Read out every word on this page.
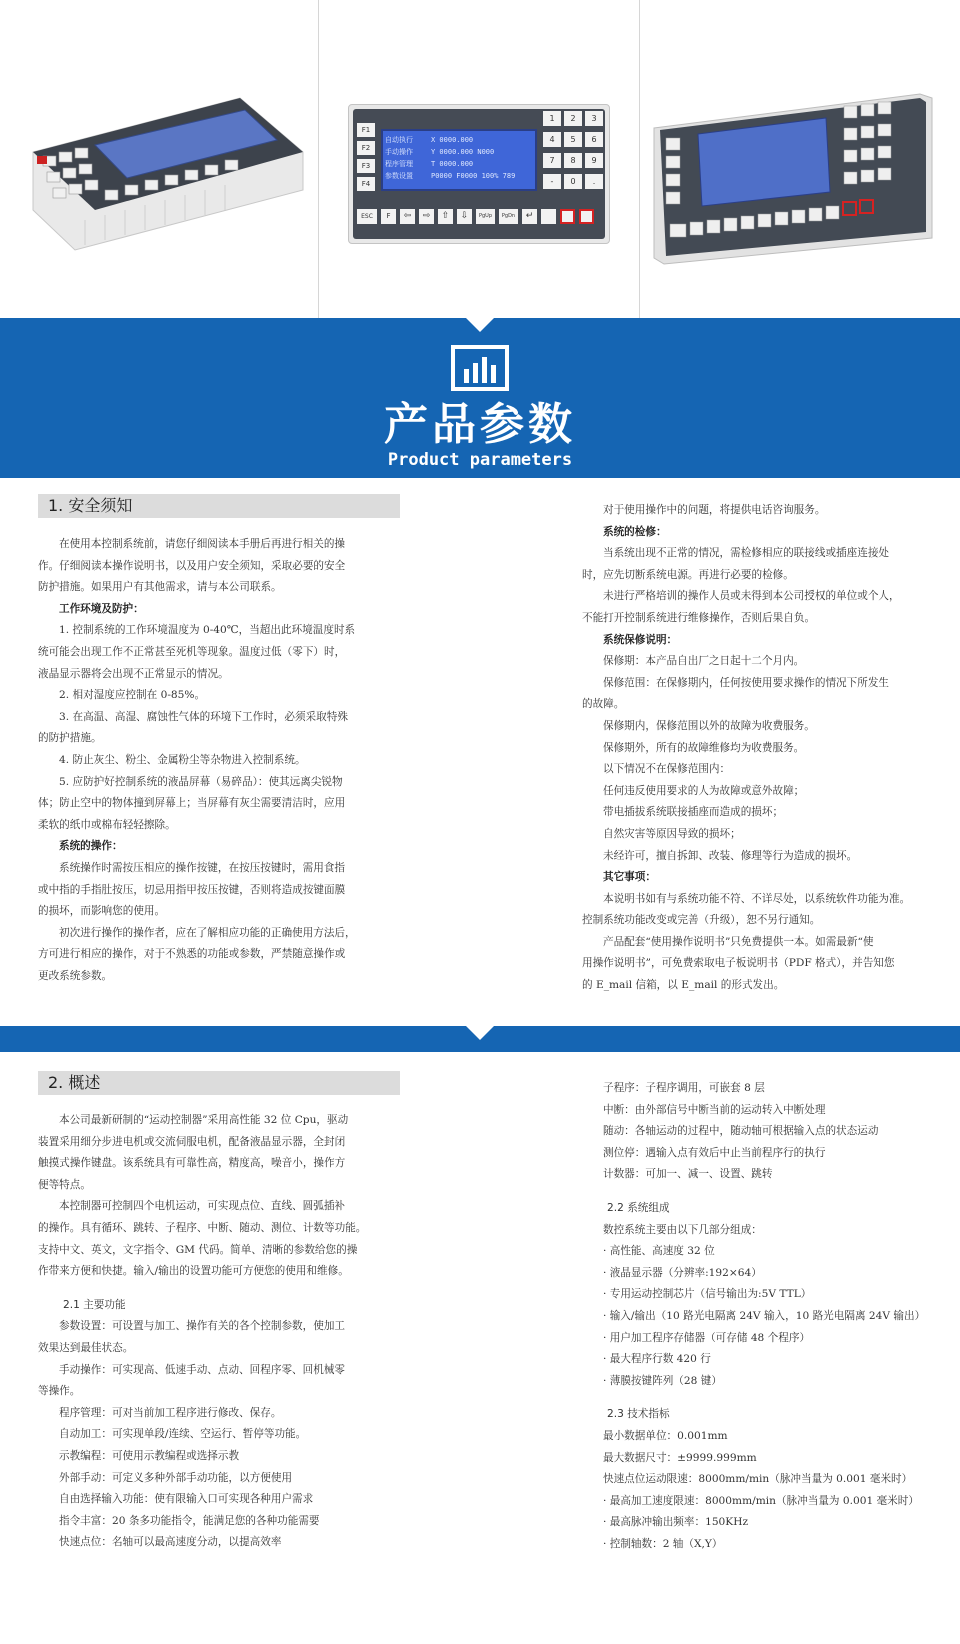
F1
F2
F3
F4
自动执行
手动操作
程序管理
参数设置
X 0000.000
Y 0000.000 N000
T 0000.000
P0000 F0000 100% 789
1	2	3
4	5	6
7	8	9
-	0	.
ESC	F	⇦	⇨	⇧	⇩	PgUp	PgDn	↵
产品参数
Product parameters
1. 安全须知

在使用本控制系统前，请您仔细阅读本手册后再进行相关的操

作。仔细阅读本操作说明书，以及用户安全须知，采取必要的安全

防护措施。如果用户有其他需求，请与本公司联系。

工作环境及防护：

1. 控制系统的工作环境温度为 0-40℃，当超出此环境温度时系

统可能会出现工作不正常甚至死机等现象。温度过低（零下）时，

液晶显示器将会出现不正常显示的情况。

2. 相对湿度应控制在 0-85%。

3. 在高温、高湿、腐蚀性气体的环境下工作时，必须采取特殊

的防护措施。

4. 防止灰尘、粉尘、金属粉尘等杂物进入控制系统。

5. 应防护好控制系统的液晶屏幕（易碎品）：使其远离尖锐物

体；防止空中的物体撞到屏幕上；当屏幕有灰尘需要清洁时，应用

柔软的纸巾或棉布轻轻擦除。

系统的操作：

系统操作时需按压相应的操作按键，在按压按键时，需用食指

或中指的手指肚按压，切忌用指甲按压按键，否则将造成按键面膜

的损坏，而影响您的使用。

初次进行操作的操作者，应在了解相应功能的正确使用方法后，

方可进行相应的操作，对于不熟悉的功能或参数，严禁随意操作或

更改系统参数。

对于使用操作中的问题，将提供电话咨询服务。

系统的检修：

当系统出现不正常的情况，需检修相应的联接线或插座连接处

时，应先切断系统电源。再进行必要的检修。

未进行严格培训的操作人员或未得到本公司授权的单位或个人，

不能打开控制系统进行维修操作，否则后果自负。

系统保修说明：

保修期：本产品自出厂之日起十二个月内。

保修范围：在保修期内，任何按使用要求操作的情况下所发生

的故障。

保修期内，保修范围以外的故障为收费服务。

保修期外，所有的故障维修均为收费服务。

以下情况不在保修范围内：

任何违反使用要求的人为故障或意外故障；

带电插拔系统联接插座而造成的损坏；

自然灾害等原因导致的损坏；

未经许可，擅自拆卸、改装、修理等行为造成的损坏。

其它事项：

本说明书如有与系统功能不符、不详尽处，以系统软件功能为准。

控制系统功能改变或完善（升级），恕不另行通知。

产品配套“使用操作说明书”只免费提供一本。如需最新“使

用操作说明书”，可免费索取电子板说明书（PDF 格式），并告知您

的 E_mail 信箱，以 E_mail 的形式发出。

2. 概述

本公司最新研制的“运动控制器”采用高性能 32 位 Cpu，驱动

装置采用细分步进电机或交流伺服电机，配备液晶显示器，全封闭

触摸式操作键盘。该系统具有可靠性高，精度高，噪音小，操作方

便等特点。

本控制器可控制四个电机运动，可实现点位、直线、圆弧插补

的操作。具有循环、跳转、子程序、中断、随动、测位、计数等功能。

支持中文、英文，文字指令、GM 代码。简单、清晰的参数给您的操

作带来方便和快捷。输入/输出的设置功能可方便您的使用和维修。

2.1 主要功能

参数设置：可设置与加工、操作有关的各个控制参数，使加工

效果达到最佳状态。

手动操作：可实现高、低速手动、点动、回程序零、回机械零

等操作。

程序管理：可对当前加工程序进行修改、保存。

自动加工：可实现单段/连续、空运行、暂停等功能。

示教编程：可使用示教编程或选择示教

外部手动：可定义多种外部手动功能，以方便使用

自由选择输入功能：使有限输入口可实现各种用户需求

指令丰富：20 条多功能指令，能满足您的各种功能需要

快速点位：名轴可以最高速度分动，以提高效率

子程序：子程序调用，可嵌套 8 层

中断：由外部信号中断当前的运动转入中断处理

随动：各轴运动的过程中，随动轴可根据输入点的状态运动

测位停：遇输入点有效后中止当前程序行的执行

计数器：可加一、减一、设置、跳转

2.2 系统组成

数控系统主要由以下几部分组成：

· 高性能、高速度 32 位

· 液晶显示器（分辨率:192×64）

· 专用运动控制芯片（信号输出为:5V TTL）

· 输入/输出（10 路光电隔离 24V 输入，10 路光电隔离 24V 输出）

· 用户加工程序存储器（可存储 48 个程序）

· 最大程序行数 420 行

· 薄膜按键阵列（28 键）

2.3 技术指标

最小数据单位：0.001mm

最大数据尺寸：±9999.999mm

快速点位运动限速：8000mm/min（脉冲当量为 0.001 毫米时）

· 最高加工速度限速：8000mm/min（脉冲当量为 0.001 毫米时）

· 最高脉冲输出频率：150KHz

· 控制轴数：2 轴（X,Y）
